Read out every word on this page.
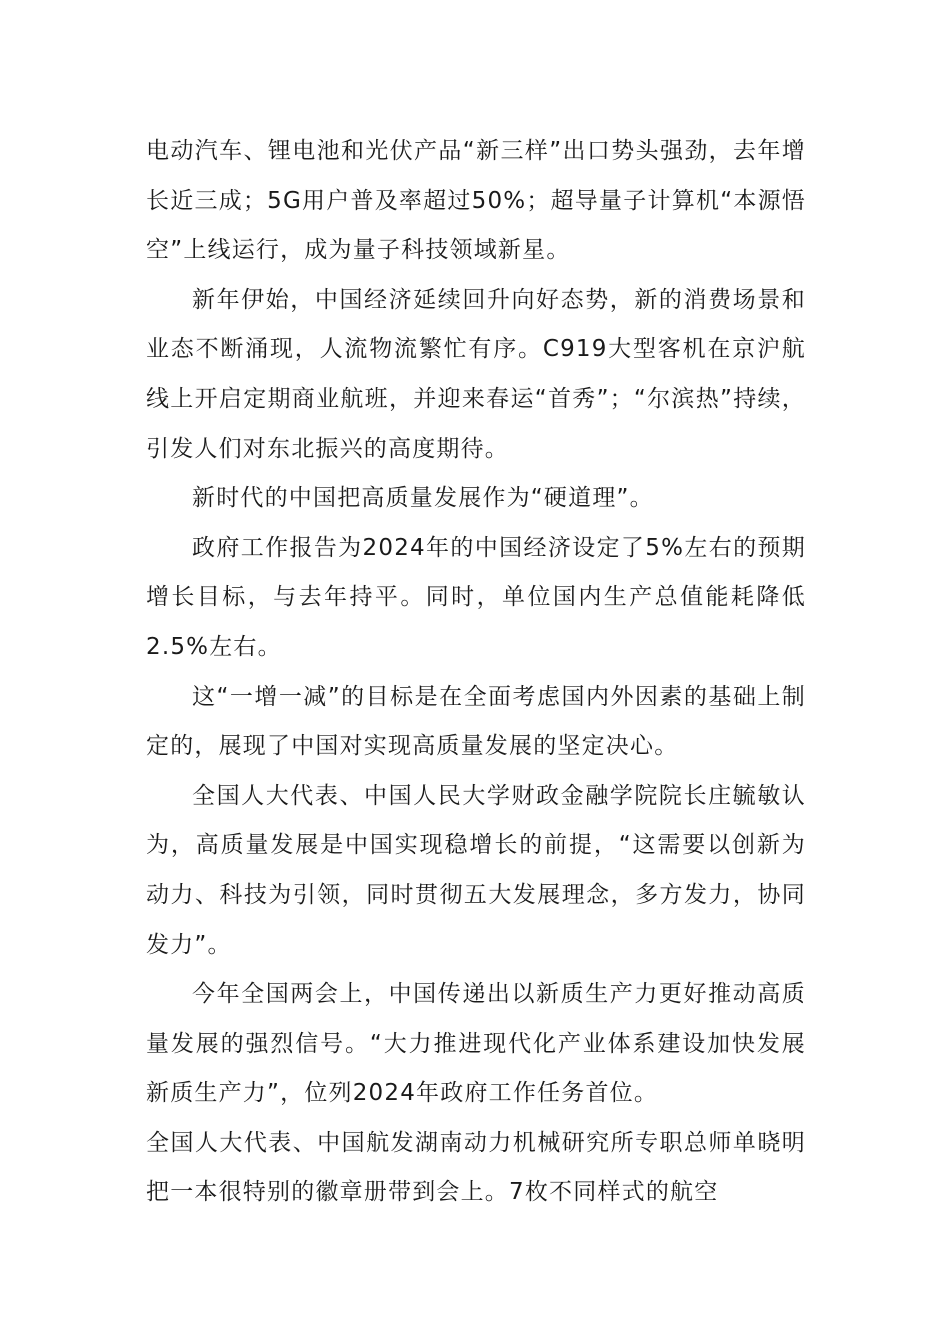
电动汽车、锂电池和光伏产品“新三样”出口势头强劲，去年增长近三成；5G用户普及率超过50%；超导量子计算机“本源悟空”上线运行，成为量子科技领域新星。

新年伊始，中国经济延续回升向好态势，新的消费场景和业态不断涌现，人流物流繁忙有序。C919大型客机在京沪航线上开启定期商业航班，并迎来春运“首秀”；“尔滨热”持续，引发人们对东北振兴的高度期待。

新时代的中国把高质量发展作为“硬道理”。

政府工作报告为2024年的中国经济设定了5%左右的预期增长目标，与去年持平。同时，单位国内生产总值能耗降低2.5%左右。

这“一增一减”的目标是在全面考虑国内外因素的基础上制定的，展现了中国对实现高质量发展的坚定决心。

全国人大代表、中国人民大学财政金融学院院长庄毓敏认为，高质量发展是中国实现稳增长的前提，“这需要以创新为动力、科技为引领，同时贯彻五大发展理念，多方发力，协同发力”。

今年全国两会上，中国传递出以新质生产力更好推动高质量发展的强烈信号。“大力推进现代化产业体系建设加快发展新质生产力”，位列2024年政府工作任务首位。

全国人大代表、中国航发湖南动力机械研究所专职总师单晓明把一本很特别的徽章册带到会上。7枚不同样式的航空
